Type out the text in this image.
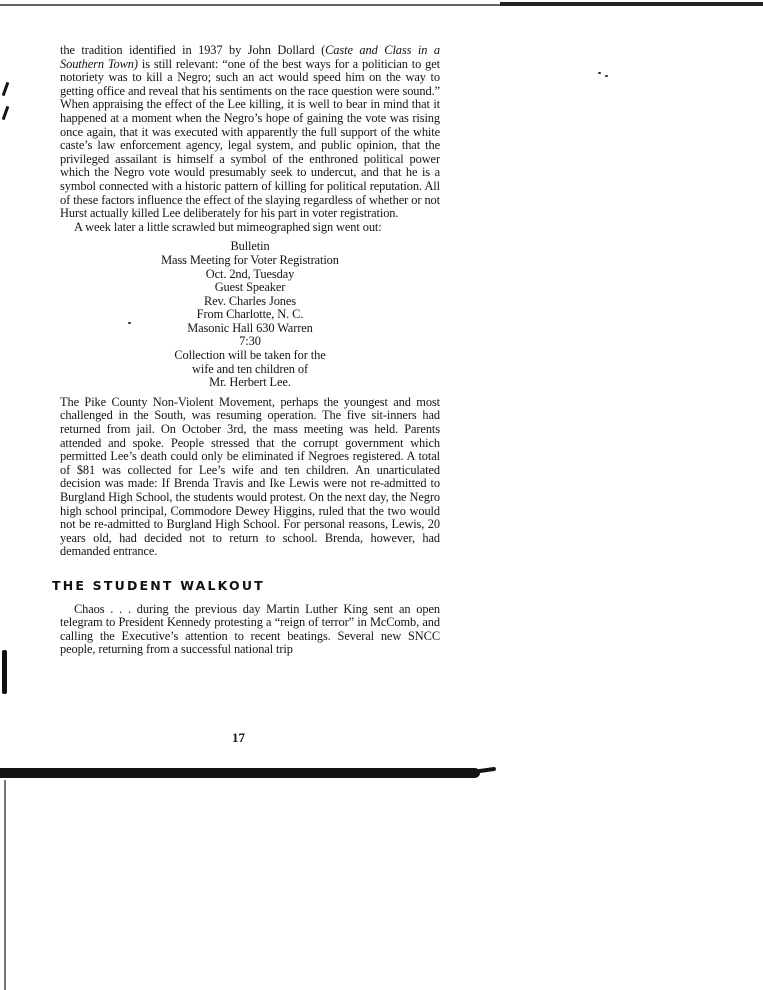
the tradition identified in 1937 by John Dollard (Caste and Class in a Southern Town) is still relevant: “one of the best ways for a politician to get notoriety was to kill a Negro; such an act would speed him on the way to getting office and reveal that his sentiments on the race question were sound.” When appraising the effect of the Lee killing, it is well to bear in mind that it happened at a moment when the Negro’s hope of gaining the vote was rising once again, that it was executed with apparently the full support of the white caste’s law enforcement agency, legal system, and public opinion, that the privileged assailant is himself a symbol of the enthroned political power which the Negro vote would presumably seek to undercut, and that he is a symbol connected with a historic pattern of killing for political reputation. All of these factors influence the effect of the slaying regardless of whether or not Hurst actually killed Lee deliberately for his part in voter registration.

A week later a little scrawled but mimeographed sign went out:

Bulletin
Mass Meeting for Voter Registration
Oct. 2nd, Tuesday
Guest Speaker
Rev. Charles Jones
From Charlotte, N. C.
Masonic Hall 630 Warren
7:30
Collection will be taken for the
wife and ten children of
Mr. Herbert Lee.

The Pike County Non-Violent Movement, perhaps the youngest and most challenged in the South, was resuming operation. The five sit-inners had returned from jail. On October 3rd, the mass meeting was held. Parents attended and spoke. People stressed that the corrupt government which permitted Lee’s death could only be eliminated if Negroes registered. A total of $81 was collected for Lee’s wife and ten children. An unarticulated decision was made: If Brenda Travis and Ike Lewis were not re-admitted to Burgland High School, the students would protest. On the next day, the Negro high school principal, Commodore Dewey Higgins, ruled that the two would not be re-admitted to Burgland High School. For personal reasons, Lewis, 20 years old, had decided not to return to school. Brenda, however, had demanded entrance.

THE STUDENT WALKOUT

Chaos . . . during the previous day Martin Luther King sent an open telegram to President Kennedy protesting a “reign of terror” in McComb, and calling the Executive’s attention to recent beatings. Several new SNCC people, returning from a successful national trip

17
